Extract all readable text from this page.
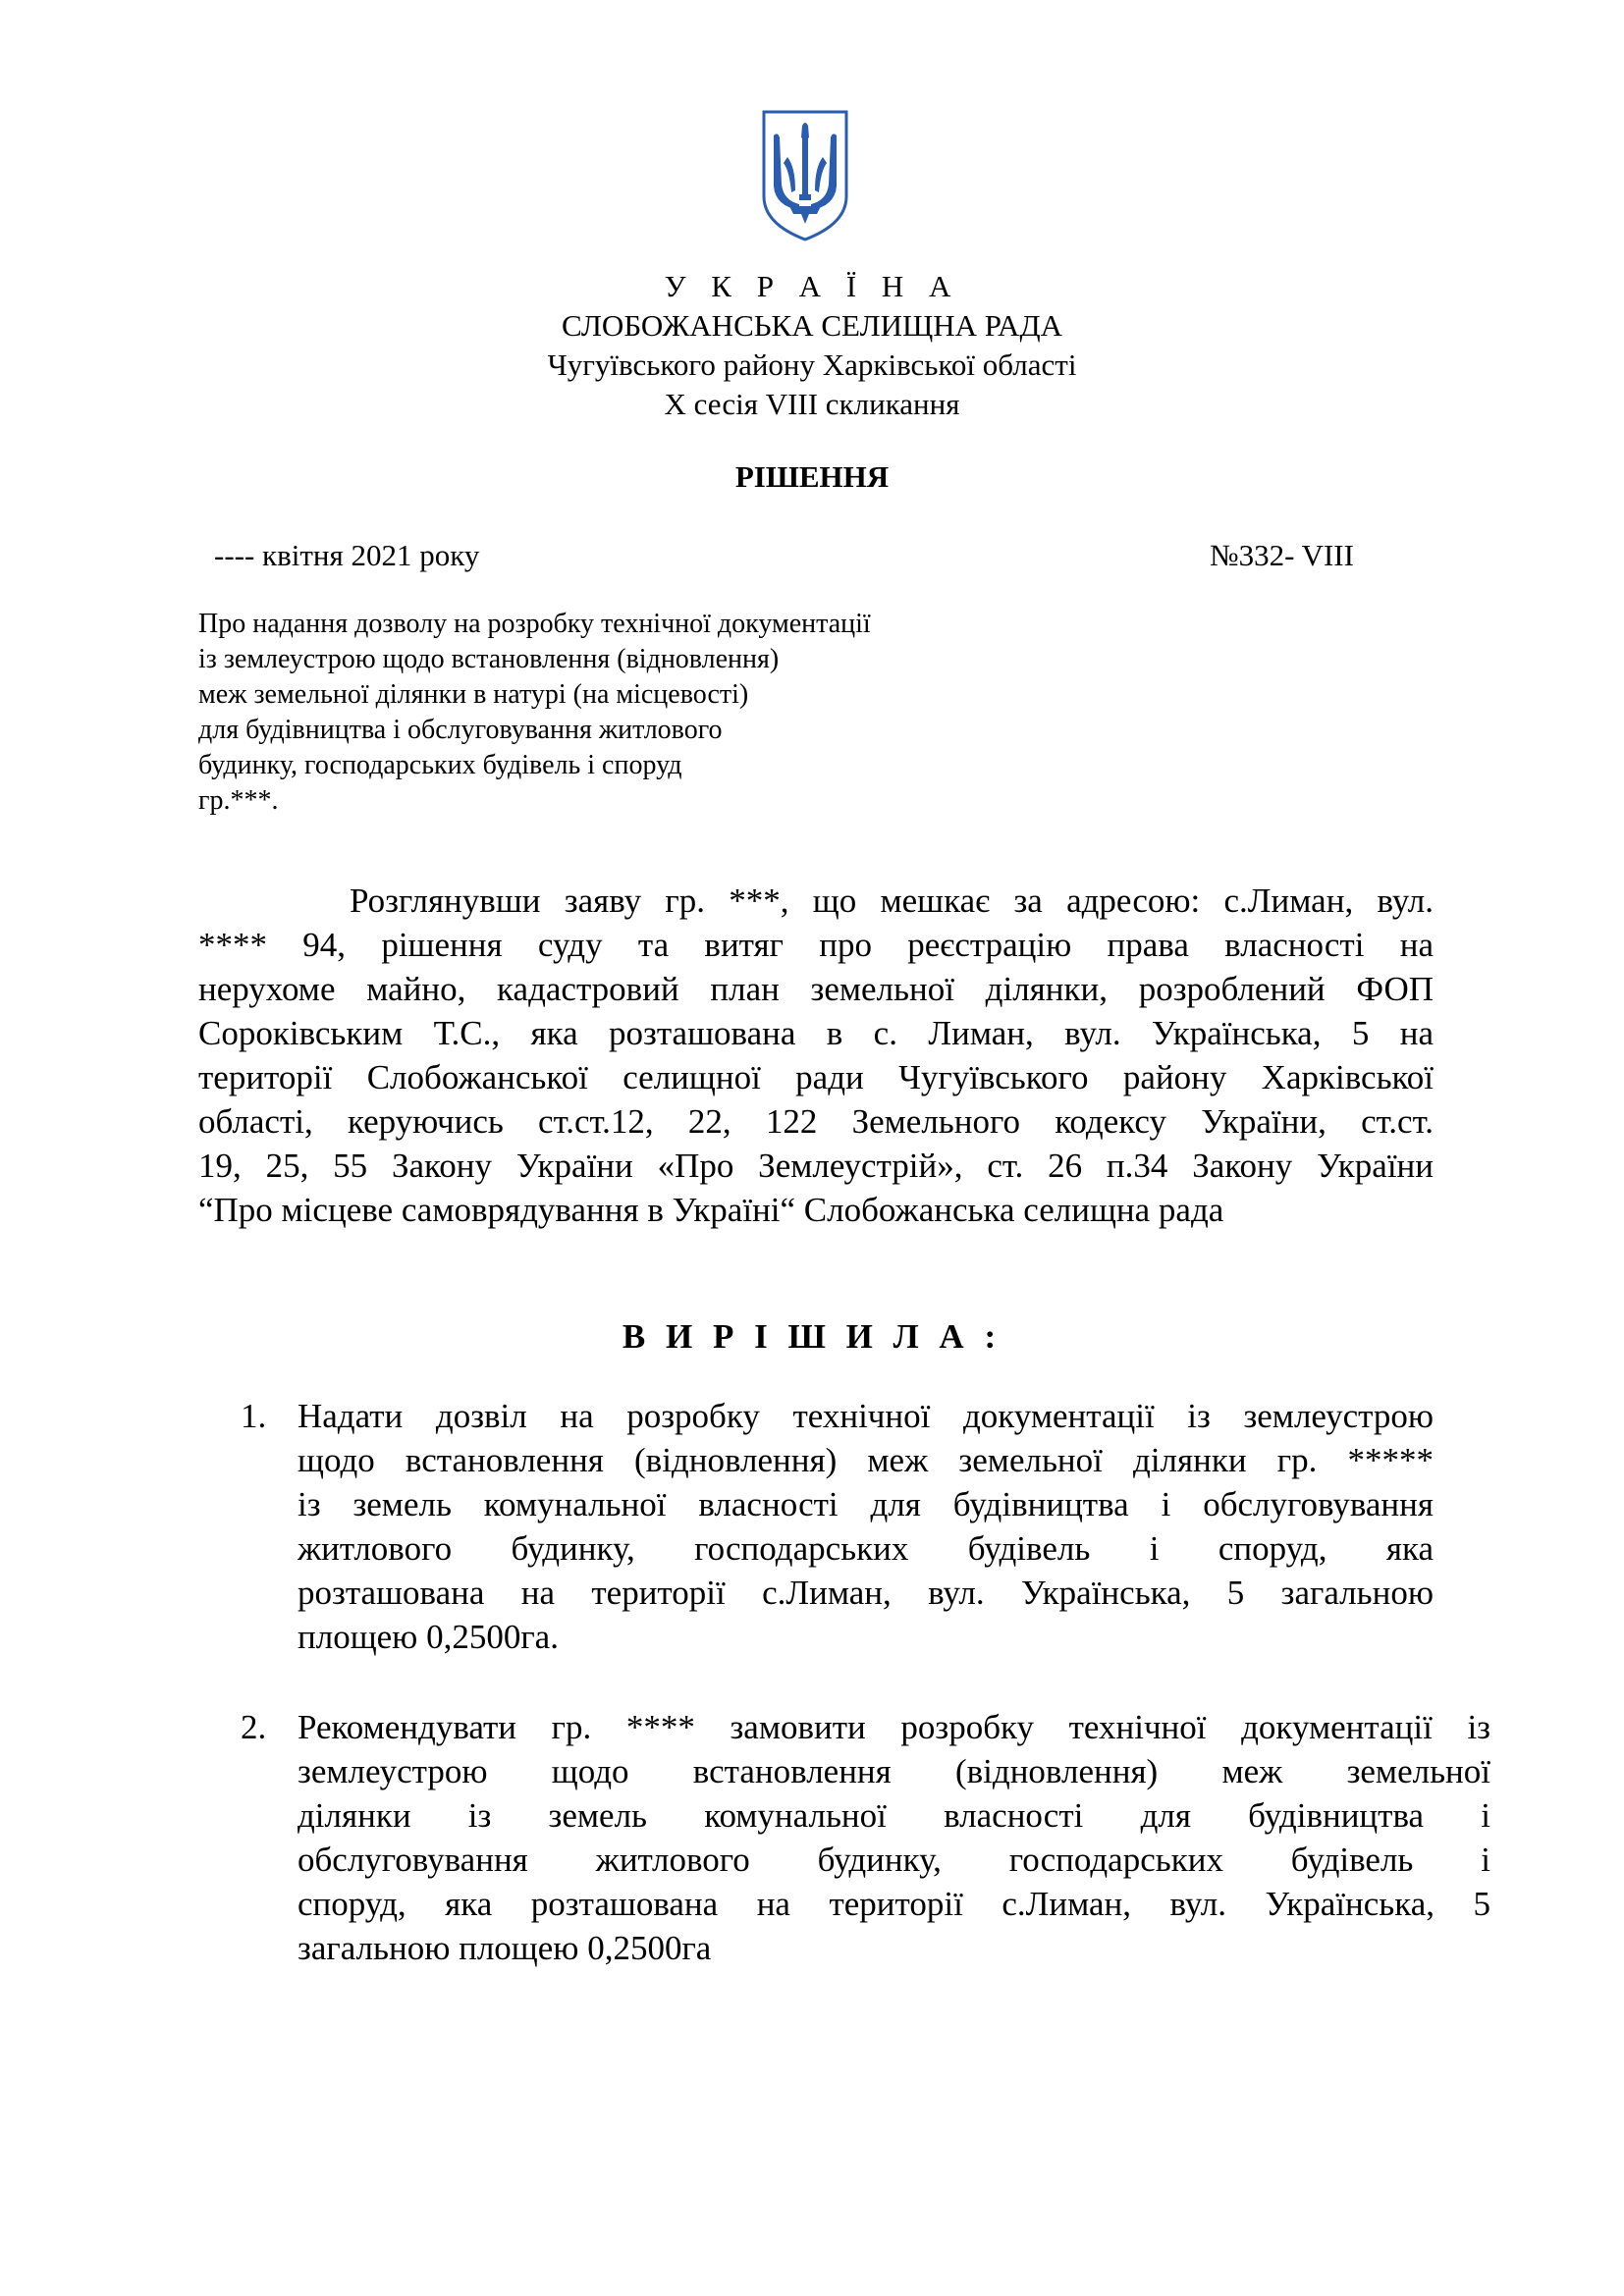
У К Р А Ї Н А
СЛОБОЖАНСЬКА СЕЛИЩНА РАДА
Чугуївського району Харківської області
Х сесія VIII скликання
РІШЕННЯ
---- квітня 2021 року	№332- VIII
Про надання дозволу на розробку технічної документації
із землеустрою щодо встановлення (відновлення)
меж земельної ділянки в натурі (на місцевості)
для будівництва і обслуговування житлового
будинку, господарських будівель і споруд
гр.***.
Розглянувши заяву гр. ***, що мешкає за адресою: с.Лиман, вул.
**** 94, рішення суду та витяг про реєстрацію права власності на
нерухоме майно, кадастровий план земельної ділянки, розроблений ФОП
Сороківським Т.С., яка розташована в с. Лиман, вул. Українська, 5 на
території Слобожанської селищної ради Чугуївського району Харківської
області, керуючись ст.ст.12, 22, 122 Земельного кодексу України, ст.ст.
19, 25, 55 Закону України «Про Землеустрій», ст. 26 п.34 Закону України
“Про місцеве самоврядування в Україні“ Слобожанська селищна рада
В И Р І Ш И Л А :
1. Надати дозвіл на розробку технічної документації із землеустрою
щодо встановлення (відновлення) меж земельної ділянки гр. *****
із земель комунальної власності для будівництва і обслуговування
житлового будинку, господарських будівель і споруд, яка
розташована на території с.Лиман, вул. Українська, 5 загальною
площею 0,2500га.
2. Рекомендувати гр. **** замовити розробку технічної документації із
землеустрою щодо встановлення (відновлення) меж земельної
ділянки із земель комунальної власності для будівництва і
обслуговування житлового будинку, господарських будівель і
споруд, яка розташована на території с.Лиман, вул. Українська, 5
загальною площею 0,2500га
